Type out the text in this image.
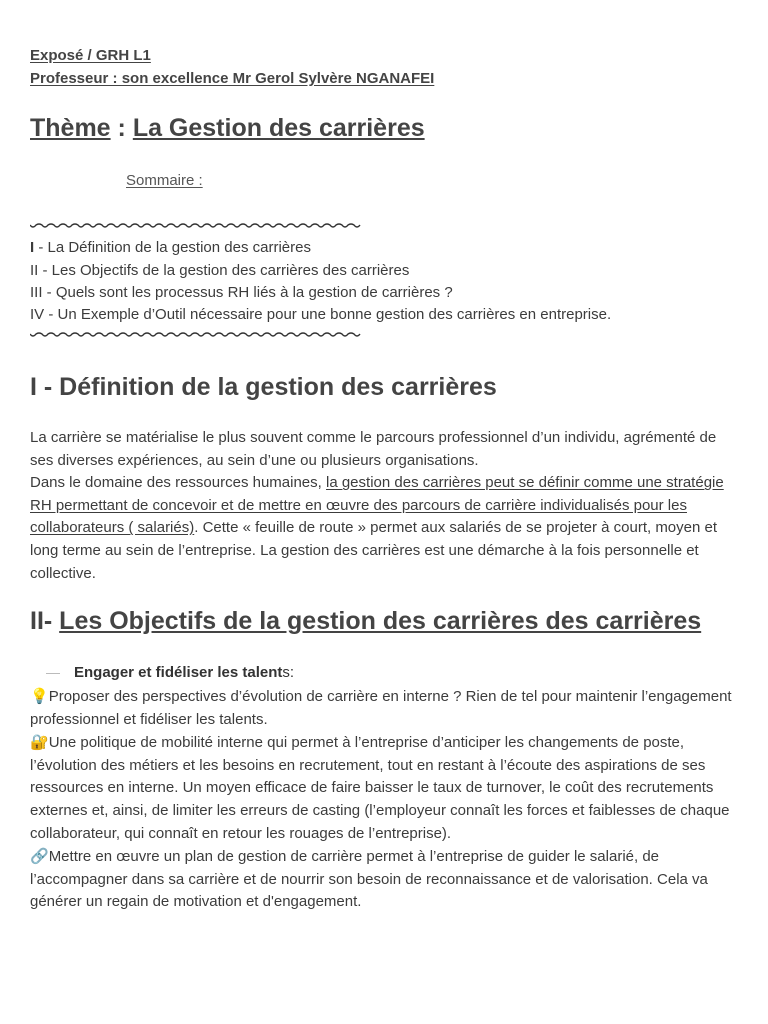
Exposé / GRH L1
Professeur : son excellence Mr Gerol Sylvère NGANAFEI
Thème : La Gestion des carrières
Sommaire :
I - La Définition de la gestion des carrières
II - Les Objectifs de la gestion des carrières des carrières
III - Quels sont les processus RH liés à la gestion de carrières ?
IV - Un Exemple d’Outil nécessaire pour une bonne gestion des carrières en entreprise.
I - Définition de la gestion des carrières

La carrière se matérialise le plus souvent comme le parcours professionnel d’un individu, agrémenté de ses diverses expériences, au sein d’une ou plusieurs organisations.

Dans le domaine des ressources humaines, la gestion des carrières peut se définir comme une stratégie RH permettant de concevoir et de mettre en œuvre des parcours de carrière individualisés pour les collaborateurs ( salariés). Cette « feuille de route » permet aux salariés de se projeter à court, moyen et long terme au sein de l’entreprise. La gestion des carrières est une démarche à la fois personnelle et collective.

II- Les Objectifs de la gestion des carrières des carrières
Engager et fidéliser les talents:

💡Proposer des perspectives d’évolution de carrière en interne ? Rien de tel pour maintenir l’engagement professionnel et fidéliser les talents.

🔐Une politique de mobilité interne qui permet à l’entreprise d’anticiper les changements de poste, l’évolution des métiers et les besoins en recrutement, tout en restant à l’écoute des aspirations de ses ressources en interne. Un moyen efficace de faire baisser le taux de turnover, le coût des recrutements externes et, ainsi, de limiter les erreurs de casting (l’employeur connaît les forces et faiblesses de chaque collaborateur, qui connaît en retour les rouages de l’entreprise).

🔗Mettre en œuvre un plan de gestion de carrière permet à l’entreprise de guider le salarié, de l’accompagner dans sa carrière et de nourrir son besoin de reconnaissance et de valorisation. Cela va générer un regain de motivation et d'engagement.
